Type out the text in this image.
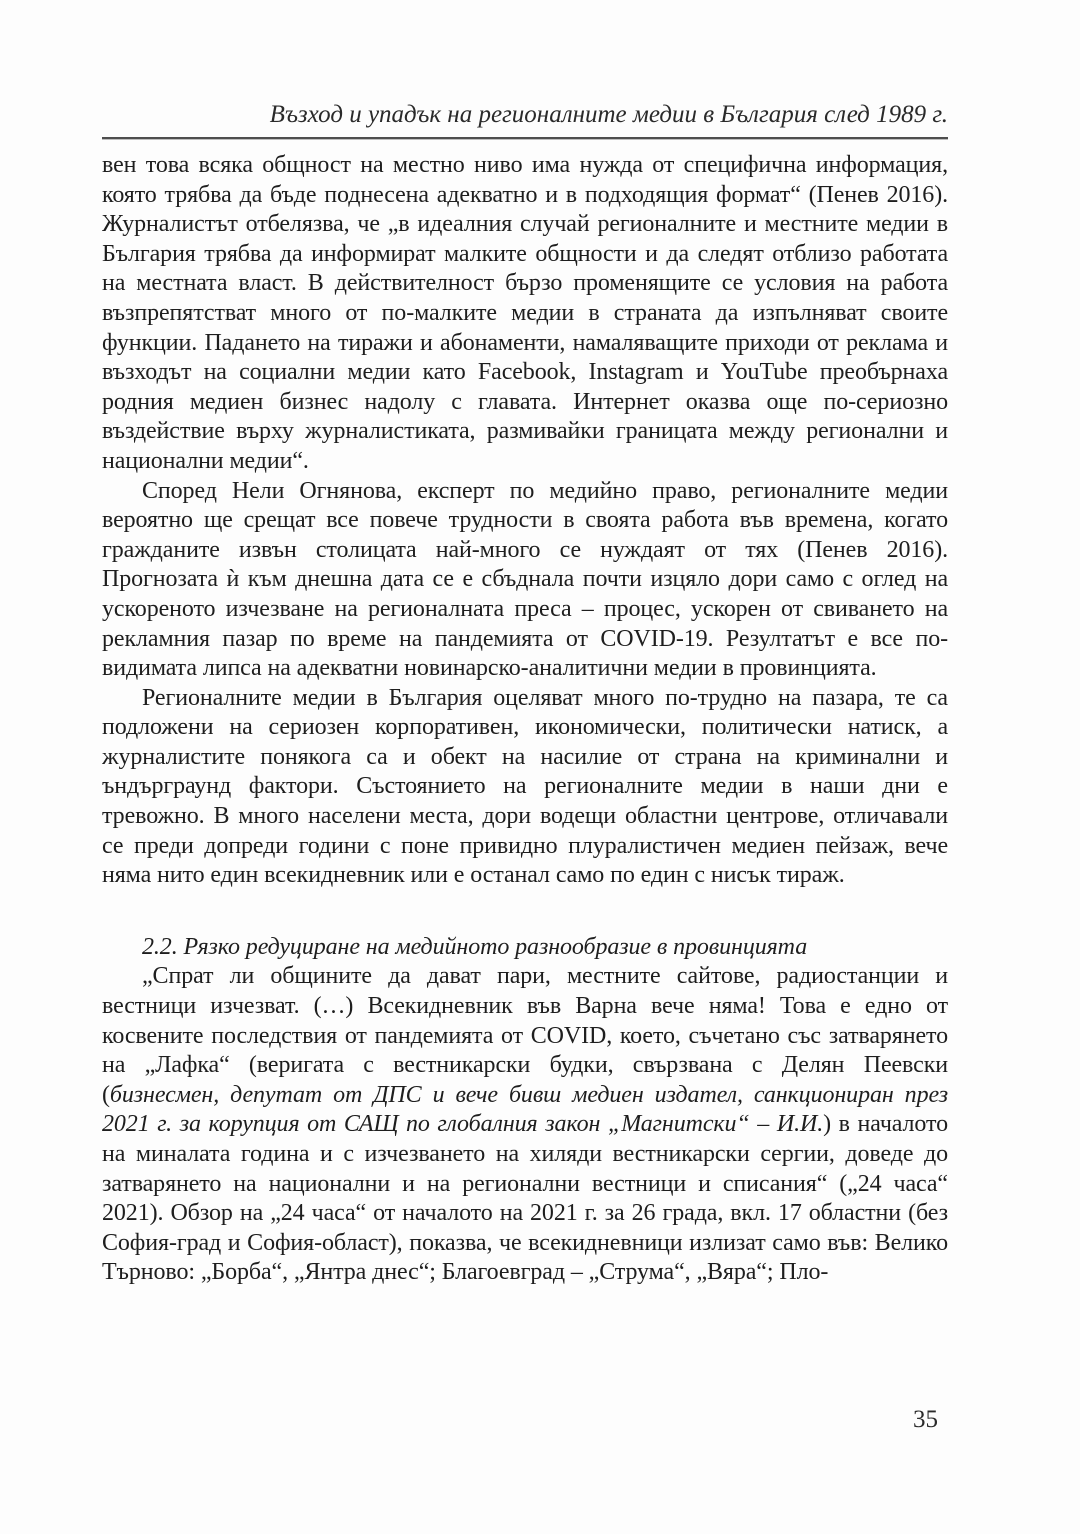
Възход и упадък на регионалните медии в България след 1989 г.

вен това всяка общност на местно ниво има нужда от специфична информация, която трябва да бъде поднесена адекватно и в подходящия формат“ (Пенев 2016). Журналистът отбелязва, че „в идеалния случай регионалните и местните медии в България трябва да информират малките общности и да следят отблизо работата на местната власт. В действителност бързо променящите се условия на работа възпрепятстват много от по-малките медии в страната да изпълняват своите функции. Падането на тиражи и абонаменти, намаляващите приходи от реклама и възходът на социални медии като Facebook, Instagram и YouTube преобърнаха родния медиен бизнес надолу с главата. Интернет оказва още по-сериозно въздействие върху журналистиката, размивайки границата между регионални и национални медии“.

Според Нели Огнянова, експерт по медийно право, регионалните медии вероятно ще срещат все повече трудности в своята работа във времена, когато гражданите извън столицата най-много се нуждаят от тях (Пенев 2016). Прогнозата ѝ към днешна дата се е сбъднала почти изцяло дори само с оглед на ускореното изчезване на регионалната преса – процес, ускорен от свиването на рекламния пазар по време на пандемията от COVID-19. Резултатът е все по-видимата липса на адекватни новинарско-аналитични медии в провинцията.

Регионалните медии в България оцеляват много по-трудно на пазара, те са подложени на сериозен корпоративен, икономически, политически натиск, а журналистите понякога са и обект на насилие от страна на криминални и ъндърграунд фактори. Състоянието на регионалните медии в наши дни е тревожно. В много населени места, дори водещи областни центрове, отличавали се преди допреди години с поне привидно плуралистичен медиен пейзаж, вече няма нито един всекидневник или е останал само по един с нисък тираж.

2.2. Рязко редуциране на медийното разнообразие в провинцията

„Спрат ли общините да дават пари, местните сайтове, радиостанции и вестници изчезват. (…) Всекидневник във Варна вече няма! Това е едно от косвените последствия от пандемията от COVID, което, съчетано със затварянето на „Лафка“ (веригата с вестникарски будки, свързвана с Делян Пеевски (бизнесмен, депутат от ДПС и вече бивш медиен издател, санкциониран през 2021 г. за корупция от САЩ по глобалния закон „Магнитски“ – И.И.) в началото на миналата година и с изчезването на хиляди вестникарски сергии, доведе до затварянето на национални и на регионални вестници и списания“ („24 часа“ 2021). Обзор на „24 часа“ от началото на 2021 г. за 26 града, вкл. 17 областни (без София-град и София-област), показва, че всекидневници излизат само във: Велико Търново: „Борба“, „Янтра днес“; Благоевград – „Струма“, „Вяра“; Пло-

35
